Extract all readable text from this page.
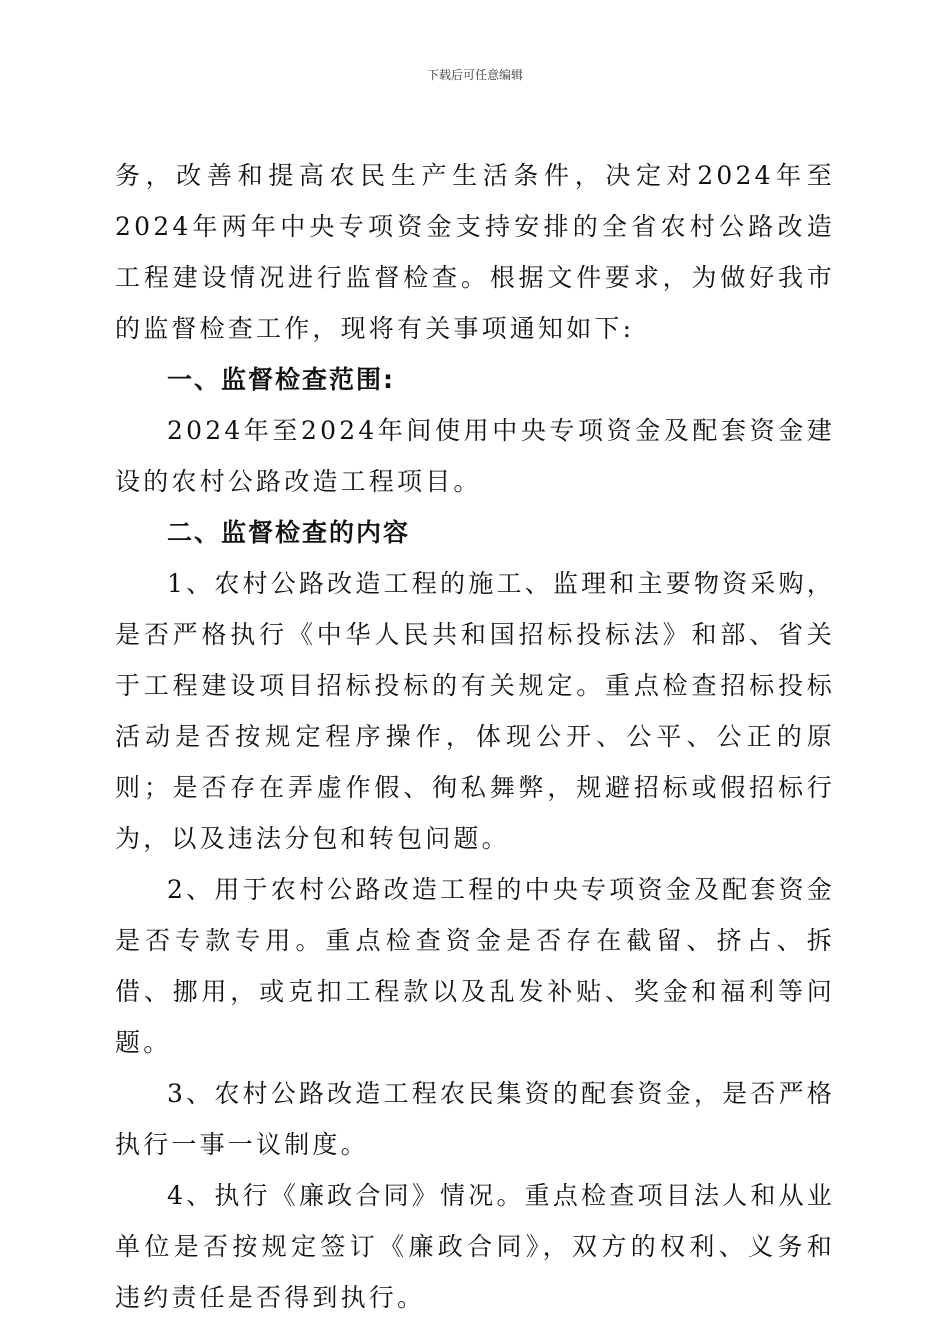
下载后可任意编辑

务，改善和提高农民生产生活条件，决定对2024年至2024年两年中央专项资金支持安排的全省农村公路改造工程建设情况进行监督检查。根据文件要求，为做好我市的监督检查工作，现将有关事项通知如下:

一、监督检查范围:

2024年至2024年间使用中央专项资金及配套资金建设的农村公路改造工程项目。

二、监督检查的内容

1、农村公路改造工程的施工、监理和主要物资采购，是否严格执行《中华人民共和国招标投标法》和部、省关于工程建设项目招标投标的有关规定。重点检查招标投标活动是否按规定程序操作，体现公开、公平、公正的原则；是否存在弄虚作假、徇私舞弊，规避招标或假招标行为，以及违法分包和转包问题。

2、用于农村公路改造工程的中央专项资金及配套资金是否专款专用。重点检查资金是否存在截留、挤占、拆借、挪用，或克扣工程款以及乱发补贴、奖金和福利等问题。

3、农村公路改造工程农民集资的配套资金，是否严格执行一事一议制度。

4、执行《廉政合同》情况。重点检查项目法人和从业单位是否按规定签订《廉政合同》，双方的权利、义务和违约责任是否得到执行。
